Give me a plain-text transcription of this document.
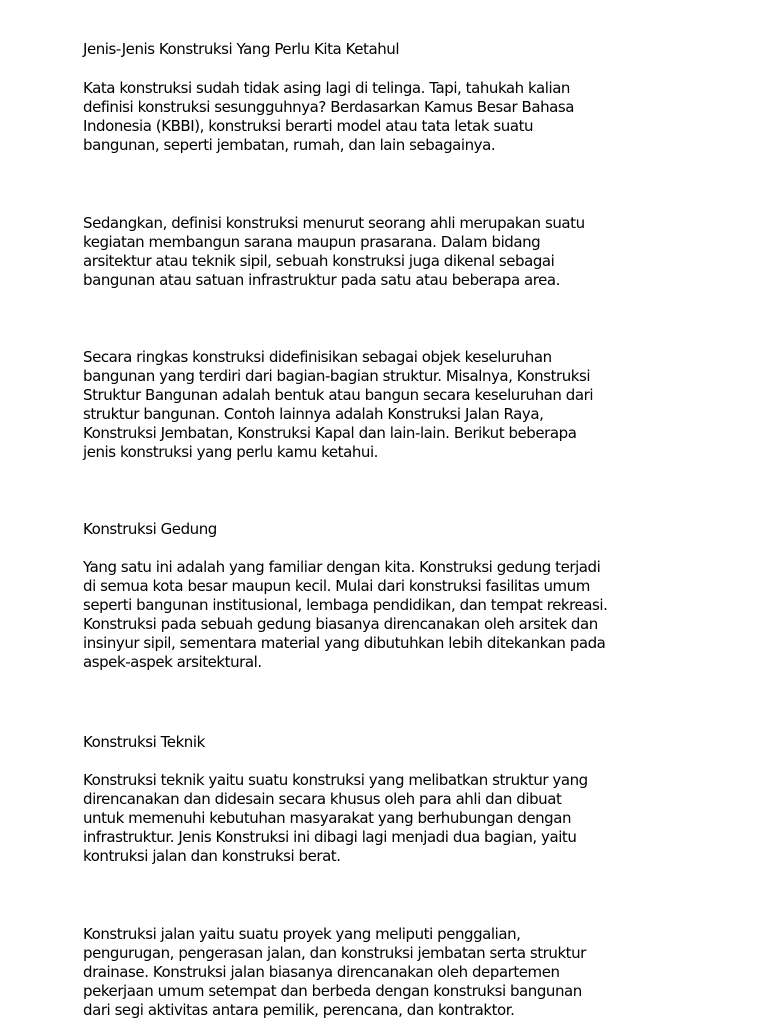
Jenis-Jenis Konstruksi Yang Perlu Kita Ketahul
Kata konstruksi sudah tidak asing lagi di telinga. Tapi, tahukah kalian
definisi konstruksi sesungguhnya? Berdasarkan Kamus Besar Bahasa
Indonesia (KBBI), konstruksi berarti model atau tata letak suatu
bangunan, seperti jembatan, rumah, dan lain sebagainya.
Sedangkan, definisi konstruksi menurut seorang ahli merupakan suatu
kegiatan membangun sarana maupun prasarana. Dalam bidang
arsitektur atau teknik sipil, sebuah konstruksi juga dikenal sebagai
bangunan atau satuan infrastruktur pada satu atau beberapa area.
Secara ringkas konstruksi didefinisikan sebagai objek keseluruhan
bangunan yang terdiri dari bagian-bagian struktur. Misalnya, Konstruksi
Struktur Bangunan adalah bentuk atau bangun secara keseluruhan dari
struktur bangunan. Contoh lainnya adalah Konstruksi Jalan Raya,
Konstruksi Jembatan, Konstruksi Kapal dan lain-lain. Berikut beberapa
jenis konstruksi yang perlu kamu ketahui.
Konstruksi Gedung
Yang satu ini adalah yang familiar dengan kita. Konstruksi gedung terjadi
di semua kota besar maupun kecil. Mulai dari konstruksi fasilitas umum
seperti bangunan institusional, lembaga pendidikan, dan tempat rekreasi.
Konstruksi pada sebuah gedung biasanya direncanakan oleh arsitek dan
insinyur sipil, sementara material yang dibutuhkan lebih ditekankan pada
aspek-aspek arsitektural.
Konstruksi Teknik
Konstruksi teknik yaitu suatu konstruksi yang melibatkan struktur yang
direncanakan dan didesain secara khusus oleh para ahli dan dibuat
untuk memenuhi kebutuhan masyarakat yang berhubungan dengan
infrastruktur. Jenis Konstruksi ini dibagi lagi menjadi dua bagian, yaitu
kontruksi jalan dan konstruksi berat.
Konstruksi jalan yaitu suatu proyek yang meliputi penggalian,
pengurugan, pengerasan jalan, dan konstruksi jembatan serta struktur
drainase. Konstruksi jalan biasanya direncanakan oleh departemen
pekerjaan umum setempat dan berbeda dengan konstruksi bangunan
dari segi aktivitas antara pemilik, perencana, dan kontraktor.
